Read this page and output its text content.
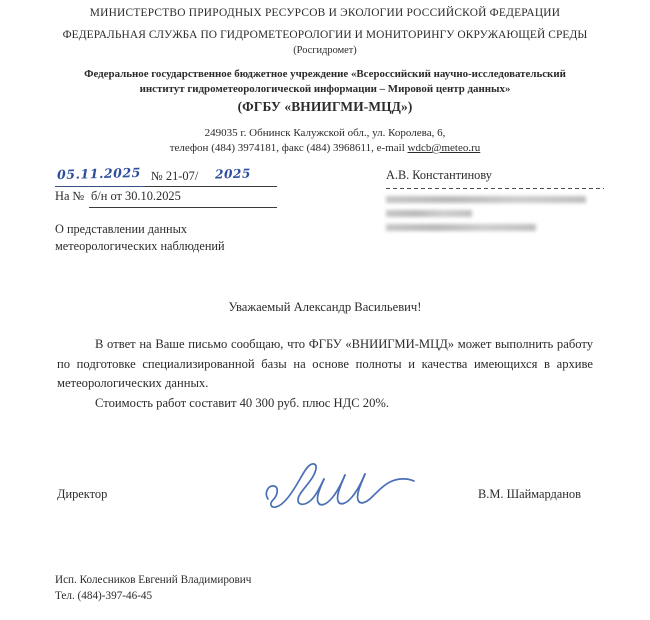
МИНИСТЕРСТВО ПРИРОДНЫХ РЕСУРСОВ И ЭКОЛОГИИ РОССИЙСКОЙ ФЕДЕРАЦИИ
ФЕДЕРАЛЬНАЯ СЛУЖБА ПО ГИДРОМЕТЕОРОЛОГИИ И МОНИТОРИНГУ ОКРУЖАЮЩЕЙ СРЕДЫ
(Росгидромет)
Федеральное государственное бюджетное учреждение «Всероссийский научно-исследовательский
институт гидрометеорологической информации – Мировой центр данных»
(ФГБУ «ВНИИГМИ-МЦД»)
249035 г. Обнинск Калужской обл., ул. Королева, 6,
телефон (484) 3974181, факс (484) 3968611, e-mail wdcb@meteo.ru
05.11.2025 № 21-07/ 2025
На № б/н от 30.10.2025
А.В. Константинову
О представлении данных
метеорологических наблюдений
Уважаемый Александр Васильевич!

В ответ на Ваше письмо сообщаю, что ФГБУ «ВНИИГМИ-МЦД» может выполнить работу по подготовке специализированной базы на основе полноты и качества имеющихся в архиве метеорологических данных.

Стоимость работ составит 40 300 руб. плюс НДС 20%.

Директор	В.М. Шаймарданов
Исп. Колесников Евгений Владимирович
Тел. (484)-397-46-45
